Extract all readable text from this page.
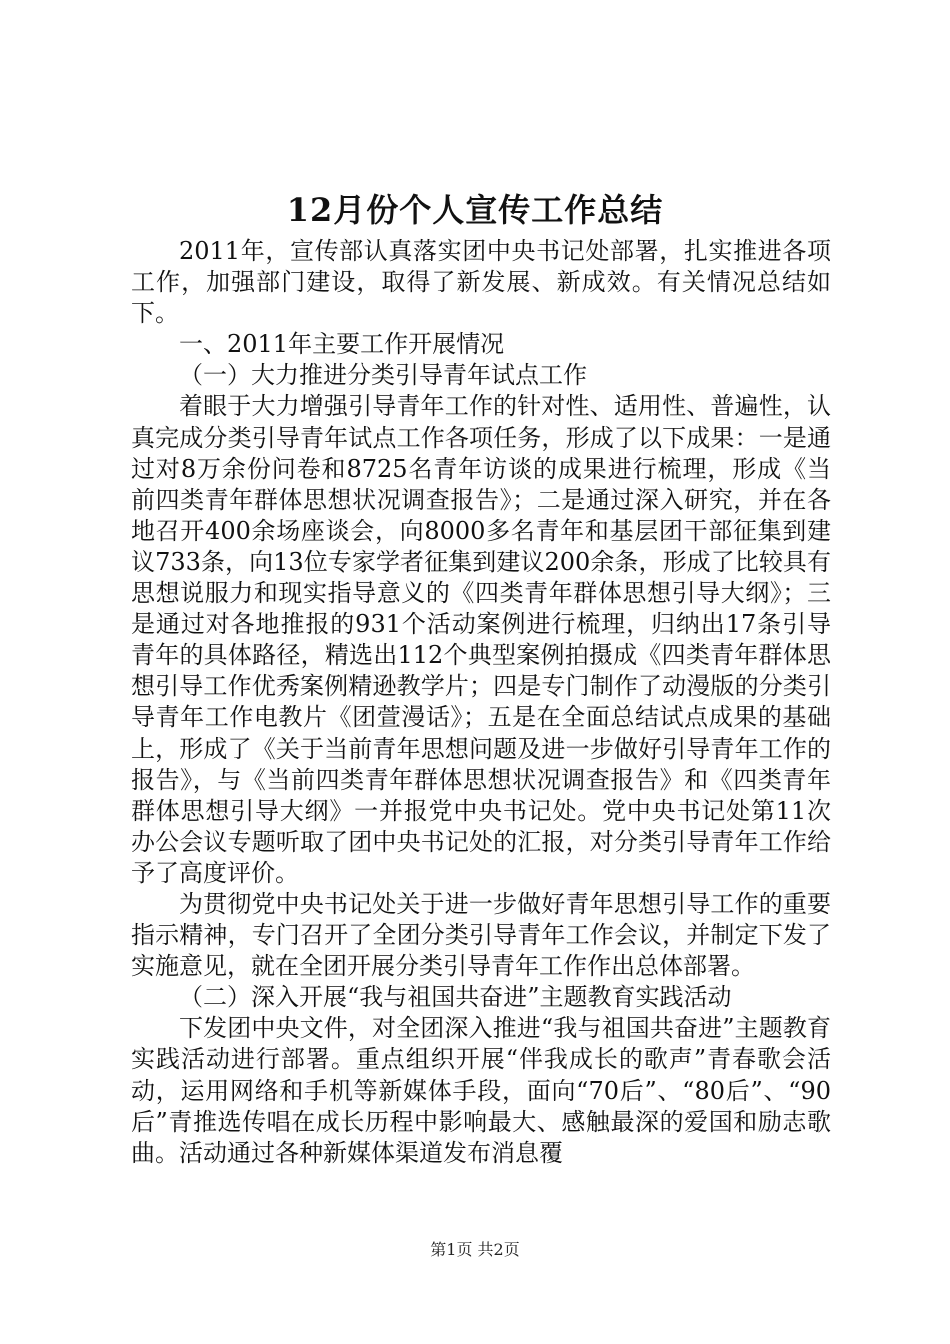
12月份个人宣传工作总结

2011年，宣传部认真落实团中央书记处部署，扎实推进各项工作，加强部门建设，取得了新发展、新成效。有关情况总结如下。

一、2011年主要工作开展情况

（一）大力推进分类引导青年试点工作

着眼于大力增强引导青年工作的针对性、适用性、普遍性，认真完成分类引导青年试点工作各项任务，形成了以下成果：一是通过对8万余份问卷和8725名青年访谈的成果进行梳理，形成《当前四类青年群体思想状况调查报告》；二是通过深入研究，并在各地召开400余场座谈会，向8000多名青年和基层团干部征集到建议733条，向13位专家学者征集到建议200余条，形成了比较具有思想说服力和现实指导意义的《四类青年群体思想引导大纲》；三是通过对各地推报的931个活动案例进行梳理，归纳出17条引导青年的具体路径，精选出112个典型案例拍摄成《四类青年群体思想引导工作优秀案例精逊教学片；四是专门制作了动漫版的分类引导青年工作电教片《团萱漫话》；五是在全面总结试点成果的基础上，形成了《关于当前青年思想问题及进一步做好引导青年工作的报告》，与《当前四类青年群体思想状况调查报告》和《四类青年群体思想引导大纲》一并报党中央书记处。党中央书记处第11次办公会议专题听取了团中央书记处的汇报，对分类引导青年工作给予了高度评价。

为贯彻党中央书记处关于进一步做好青年思想引导工作的重要指示精神，专门召开了全团分类引导青年工作会议，并制定下发了实施意见，就在全团开展分类引导青年工作作出总体部署。

（二）深入开展“我与祖国共奋进”主题教育实践活动

下发团中央文件，对全团深入推进“我与祖国共奋进”主题教育实践活动进行部署。重点组织开展“伴我成长的歌声”青春歌会活动，运用网络和手机等新媒体手段，面向“70后”、“80后”、“90后”青推选传唱在成长历程中影响最大、感触最深的爱国和励志歌曲。活动通过各种新媒体渠道发布消息覆

第1页 共2页
